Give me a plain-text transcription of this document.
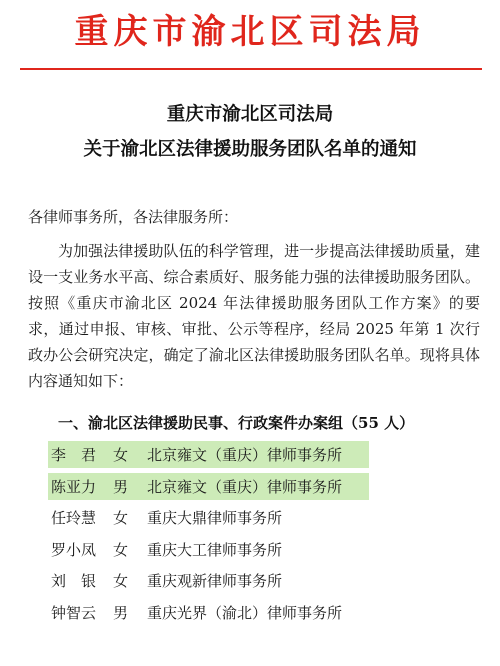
重庆市渝北区司法局
重庆市渝北区司法局
关于渝北区法律援助服务团队名单的通知
各律师事务所，各法律服务所：
为加强法律援助队伍的科学管理，进一步提高法律援助质量，建设一支业务水平高、综合素质好、服务能力强的法律援助服务团队。按照《重庆市渝北区 2024 年法律援助服务团队工作方案》的要求，通过申报、审核、审批、公示等程序，经局 2025 年第 1 次行政办公会研究决定，确定了渝北区法律援助服务团队名单。现将具体内容通知如下：
一、渝北区法律援助民事、行政案件办案组（55 人）
李　君	女	北京雍文（重庆）律师事务所
陈亚力	男	北京雍文（重庆）律师事务所
任玲慧	女	重庆大鼎律师事务所
罗小凤	女	重庆大工律师事务所
刘　银	女	重庆观新律师事务所
钟智云	男	重庆光界（渝北）律师事务所
